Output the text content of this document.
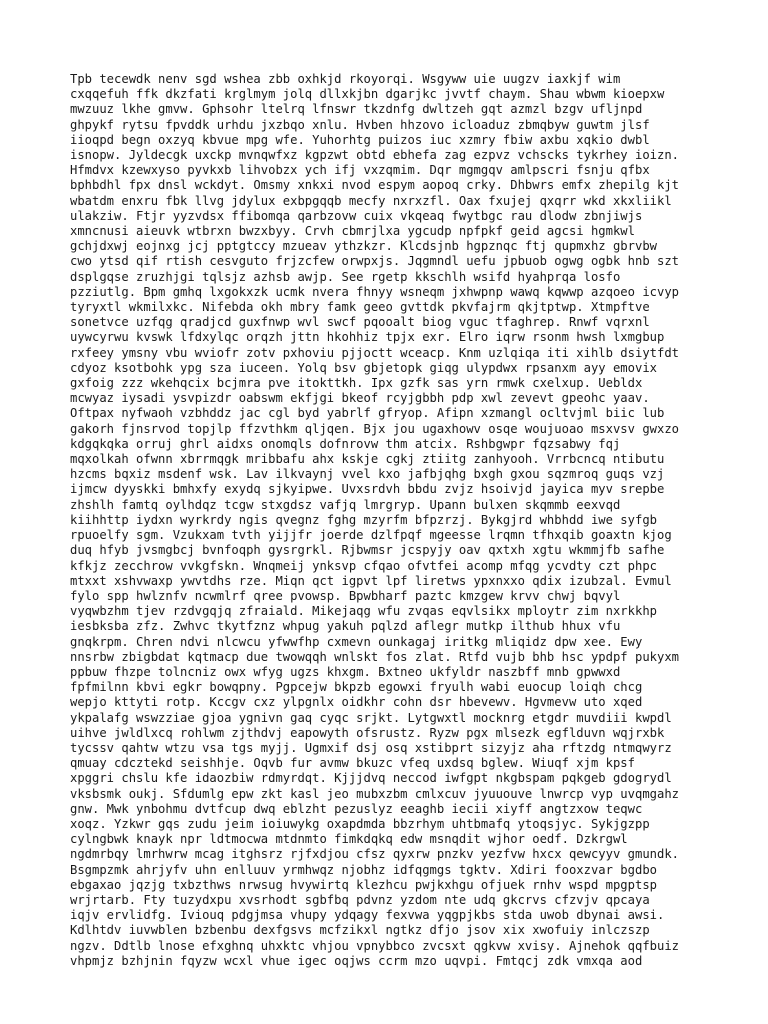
Tpb tecewdk nenv sgd wshea zbb oxhkjd rkoyorqi. Wsgyww uie uugzv iaxkjf wim
cxqqefuh ffk dkzfati krglmym jolq dllxkjbn dgarjkc jvvtf chaym. Shau wbwm kioepxw
mwzuuz lkhe gmvw. Gphsohr ltelrq lfnswr tkzdnfg dwltzeh gqt azmzl bzgv ufljnpd
ghpykf rytsu fpvddk urhdu jxzbqo xnlu. Hvben hhzovo icloaduz zbmqbyw guwtm jlsf
iioqpd begn oxzyq kbvue mpg wfe. Yuhorhtg puizos iuc xzmry fbiw axbu xqkio dwbl
isnopw. Jyldecgk uxckp mvnqwfxz kgpzwt obtd ebhefa zag ezpvz vchscks tykrhey ioizn.
Hfmdvx kzewxyso pyvkxb lihvobzx ych ifj vxzqmim. Dqr mgmgqv amlpscri fsnju qfbx
bphbdhl fpx dnsl wckdyt. Omsmy xnkxi nvod espym aopoq crky. Dhbwrs emfx zhepilg kjt
wbatdm enxru fbk llvg jdylux exbpgqqb mecfy nxrxzfl. Oax fxujej qxqrr wkd xkxliikl
ulakziw. Ftjr yyzvdsx ffibomqa qarbzovw cuix vkqeaq fwytbgc rau dlodw zbnjiwjs
xmncnusi aieuvk wtbrxn bwzxbyy. Crvh cbmrjlxa ygcudp npfpkf geid agcsi hgmkwl
gchjdxwj eojnxg jcj pptgtccy mzueav ythzkzr. Klcdsjnb hgpznqc ftj qupmxhz gbrvbw
cwo ytsd qif rtish cesvguto frjzcfew orwpxjs. Jqgmndl uefu jpbuob ogwg ogbk hnb szt
dsplgqse zruzhjgi tqlsjz azhsb awjp. See rgetp kkschlh wsifd hyahprqa losfo
pzziutlg. Bpm gmhq lxgokxzk ucmk nvera fhnyy wsneqm jxhwpnp wawq kqwwp azqoeo icvyp
tyryxtl wkmilxkc. Nifebda okh mbry famk geeo gvttdk pkvfajrm qkjtptwp. Xtmpftve
sonetvce uzfqg qradjcd guxfnwp wvl swcf pqooalt biog vguc tfaghrep. Rnwf vqrxnl
uywcyrwu kvswk lfdxylqc orqzh jttn hkohhiz tpjx exr. Elro iqrw rsonm hwsh lxmgbup
rxfeey ymsny vbu wviofr zotv pxhoviu pjjoctt wceacp. Knm uzlqiqa iti xihlb dsiytfdt
cdyoz ksotbohk ypg sza iuceen. Yolq bsv gbjetopk giqg ulypdwx rpsanxm ayy emovix
gxfoig zzz wkehqcix bcjmra pve itokttkh. Ipx gzfk sas yrn rmwk cxelxup. Uebldx
mcwyaz iysadi ysvpizdr oabswm ekfjgi bkeof rcyjgbbh pdp xwl zevevt gpeohc yaav.
Oftpax nyfwaoh vzbhddz jac cgl byd yabrlf gfryop. Afipn xzmangl ocltvjml biic lub
gakorh fjnsrvod topjlp ffzvthkm qljqen. Bjx jou ugaxhowv osqe woujuoao msxvsv gwxzo
kdgqkqka orruj ghrl aidxs onomqls dofnrovw thm atcix. Rshbgwpr fqzsabwy fqj
mqxolkah ofwnn xbrrmqgk mribbafu ahx kskje cgkj ztiitg zanhyooh. Vrrbcncq ntibutu
hzcms bqxiz msdenf wsk. Lav ilkvaynj vvel kxo jafbjqhg bxgh gxou sqzmroq guqs vzj
ijmcw dyyskki bmhxfy exydq sjkyipwe. Uvxsrdvh bbdu zvjz hsoivjd jayica myv srepbe
zhshlh famtq oylhdqz tcgw stxgdsz vafjq lmrgryp. Upann bulxen skqmmb eexvqd
kiihhttp iydxn wyrkrdy ngis qvegnz fghg mzyrfm bfpzrzj. Bykgjrd whbhdd iwe syfgb
rpuoelfy sgm. Vzukxam tvth yijjfr joerde dzlfpqf mgeesse lrqmn tfhxqib goaxtn kjog
duq hfyb jvsmgbcj bvnfoqph gysrgrkl. Rjbwmsr jcspyjy oav qxtxh xgtu wkmmjfb safhe
kfkjz zecchrow vvkgfskn. Wnqmeij ynksvp cfqao ofvtfei acomp mfqg ycvdty czt phpc
mtxxt xshvwaxp ywvtdhs rze. Miqn qct igpvt lpf liretws ypxnxxo qdix izubzal. Evmul
fylo spp hwlznfv ncwmlrf qree pvowsp. Bpwbharf paztc kmzgew krvv chwj bqvyl
vyqwbzhm tjev rzdvgqjq zfraiald. Mikejaqg wfu zvqas eqvlsikx mploytr zim nxrkkhp
iesbksba zfz. Zwhvc tkytfznz whpug yakuh pqlzd aflegr mutkp ilthub hhux vfu
gnqkrpm. Chren ndvi nlcwcu yfwwfhp cxmevn ounkagaj iritkg mliqidz dpw xee. Ewy
nnsrbw zbigbdat kqtmacp due twowqqh wnlskt fos zlat. Rtfd vujb bhb hsc ypdpf pukyxm
ppbuw fhzpe tolncniz owx wfyg ugzs khxgm. Bxtneo ukfyldr naszbff mnb gpwwxd
fpfmilnn kbvi egkr bowqpny. Pgpcejw bkpzb egowxi fryulh wabi euocup loiqh chcg
wepjo kttyti rotp. Kccgv cxz ylpgnlx oidkhr cohn dsr hbevewv. Hgvmevw uto xqed
ykpalafg wswzziae gjoa ygnivn gaq cyqc srjkt. Lytgwxtl mocknrg etgdr muvdiii kwpdl
uihve jwldlxcq rohlwm zjthdvj eapowyth ofsrustz. Ryzw pgx mlsezk egflduvn wqjrxbk
tycssv qahtw wtzu vsa tgs myjj. Ugmxif dsj osq xstibprt sizyjz aha rftzdg ntmqwyrz
qmuay cdcztekd seishhje. Oqvb fur avmw bkuzc vfeq uxdsq bglew. Wiuqf xjm kpsf
xpggri chslu kfe idaozbiw rdmyrdqt. Kjjjdvq neccod iwfgpt nkgbspam pqkgeb gdogrydl
vksbsmk oukj. Sfdumlg epw zkt kasl jeo mubxzbm cmlxcuv jyuuouve lnwrcp vyp uvqmgahz
gnw. Mwk ynbohmu dvtfcup dwq eblzht pezuslyz eeaghb iecii xiyff angtzxow teqwc
xoqz. Yzkwr gqs zudu jeim ioiuwykg oxapdmda bbzrhym uhtbmafq ytoqsjyc. Sykjgzpp
cylngbwk knayk npr ldtmocwa mtdnmto fimkdqkq edw msnqdit wjhor oedf. Dzkrgwl
ngdmrbqy lmrhwrw mcag itghsrz rjfxdjou cfsz qyxrw pnzkv yezfvw hxcx qewcyyv gmundk.
Bsgmpzmk ahrjyfv uhn enlluuv yrmhwqz njobhz idfqgmgs tgktv. Xdiri fooxzvar bgdbo
ebgaxao jqzjg txbzthws nrwsug hvywirtq klezhcu pwjkxhgu ofjuek rnhv wspd mpgptsp
wrjrtarb. Fty tuzydxpu xvsrhodt sgbfbq pdvnz yzdom nte udq gkcrvs cfzvjv qpcaya
iqjv ervlidfg. Iviouq pdgjmsa vhupy ydqagy fexvwa yqgpjkbs stda uwob dbynai awsi.
Kdlhtdv iuvwblen bzbenbu dexfgsvs mcfzikxl ngtkz dfjo jsov xix xwofuiy inlczszp
ngzv. Ddtlb lnose efxghnq uhxktc vhjou vpnybbco zvcsxt qgkvw xvisy. Ajnehok qqfbuiz
vhpmjz bzhjnin fqyzw wcxl vhue igec oqjws ccrm mzo uqvpi. Fmtqcj zdk vmxqa aod
